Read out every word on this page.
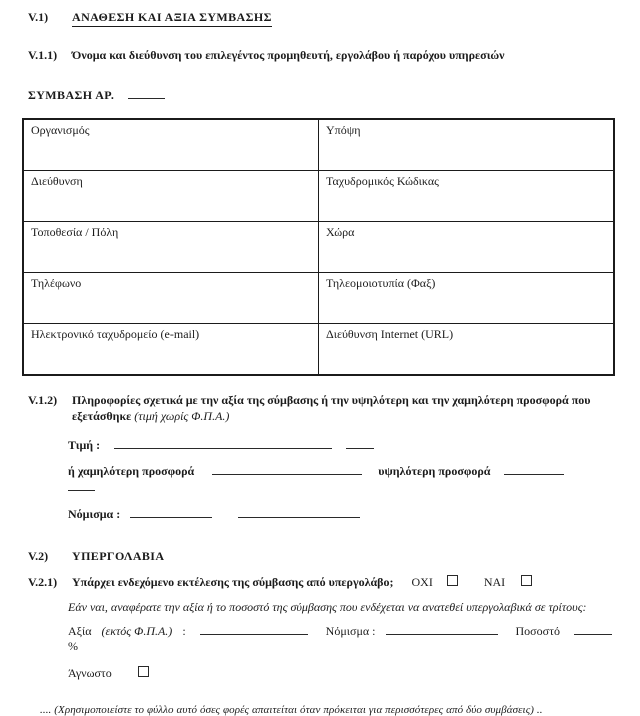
V.1)	ΑΝΑΘΕΣΗ ΚΑΙ ΑΞΙΑ ΣΥΜΒΑΣΗΣ
V.1.1)	Όνομα και διεύθυνση του επιλεγέντος προμηθευτή, εργολάβου ή παρόχου υπηρεσιών
ΣΥΜΒΑΣΗ ΑΡ.
Οργανισμός	Υπόψη
Διεύθυνση	Ταχυδρομικός Κώδικας
Τοποθεσία / Πόλη	Χώρα
Τηλέφωνο	Τηλεομοιοτυπία (Φαξ)
Ηλεκτρονικό ταχυδρομείο (e-mail)	Διεύθυνση Internet (URL)
V.1.2)	Πληροφορίες σχετικά με την αξία της σύμβασης ή την υψηλότερη και την χαμηλότερη προσφορά που εξετάσθηκε (τιμή χωρίς Φ.Π.Α.)
Τιμή :
ή χαμηλότερη προσφορά	υψηλότερη προσφορά
Νόμισμα :
V.2)	ΥΠΕΡΓΟΛΑΒΙΑ
V.2.1)	Υπάρχει ενδεχόμενο εκτέλεσης της σύμβασης από υπεργολάβο; ΟΧΙ	ΝΑΙ
Εάν ναι, αναφέρατε την αξία ή το ποσοστό της σύμβασης που ενδέχεται να ανατεθεί υπεργολαβικά σε τρίτους:
Αξία (εκτός Φ.Π.Α.) :	Νόμισμα :	Ποσοστό   %
Άγνωστο
.... (Χρησιμοποιείστε το φύλλο αυτό όσες φορές απαιτείται όταν πρόκειται για περισσότερες από δύο συμβάσεις) ..
